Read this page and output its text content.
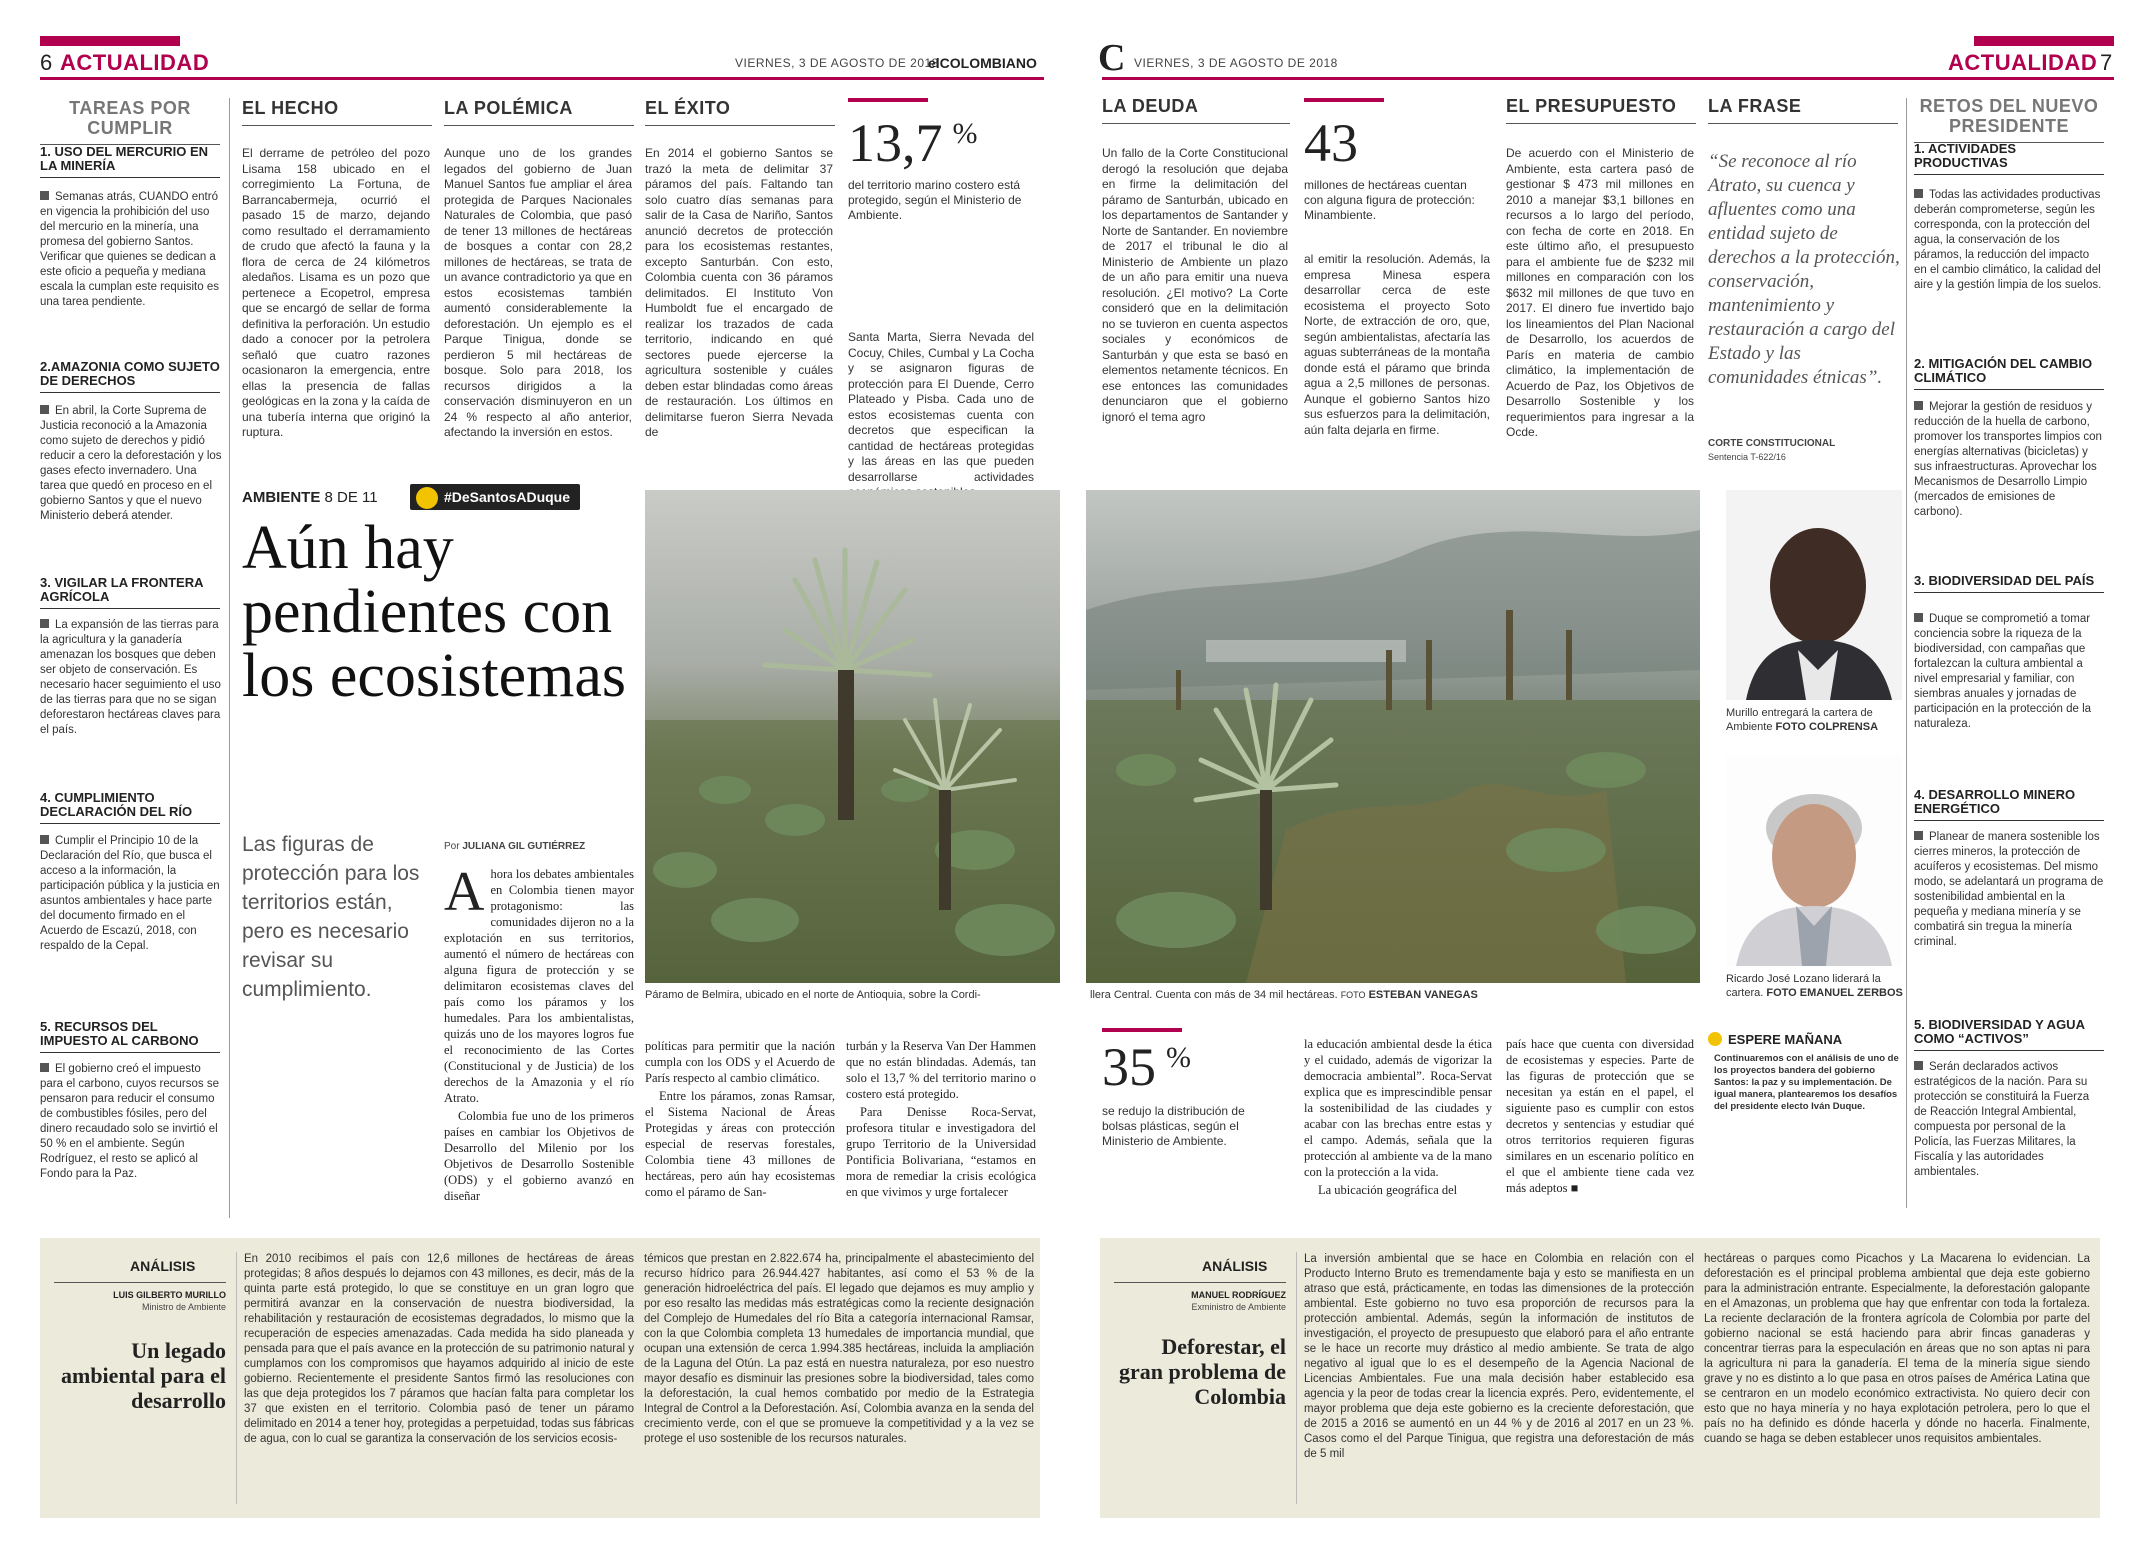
6 ACTUALIDAD	VIERNES, 3 DE AGOSTO DE 2018
elCOLOMBIANO
TAREAS POR CUMPLIR
1. USO DEL MERCURIO EN LA MINERÍA
Semanas atrás, CUANDO entró en vigencia la prohibición del uso del mercurio en la minería, una promesa del gobierno Santos. Verificar que quienes se dedican a este oficio a pequeña y mediana escala la cumplan este requisito es una tarea pendiente.
2.AMAZONIA COMO SUJETO DE DERECHOS
En abril, la Corte Suprema de Justicia reconoció a la Amazonia como sujeto de derechos y pidió reducir a cero la deforestación y los gases efecto invernadero. Una tarea que quedó en proceso en el gobierno Santos y que el nuevo Ministerio deberá atender.
3. VIGILAR LA FRONTERA AGRÍCOLA
La expansión de las tierras para la agricultura y la ganadería amenazan los bosques que deben ser objeto de conservación. Es necesario hacer seguimiento el uso de las tierras para que no se sigan deforestaron hectáreas claves para el país.
4. CUMPLIMIENTO DECLARACIÓN DEL RÍO
Cumplir el Principio 10 de la Declaración del Río, que busca el acceso a la información, la participación pública y la justicia en asuntos ambientales y hace parte del documento firmado en el Acuerdo de Escazú, 2018, con respaldo de la Cepal.
5. RECURSOS DEL IMPUESTO AL CARBONO
El gobierno creó el impuesto para el carbono, cuyos recursos se pensaron para reducir el consumo de combustibles fósiles, pero del dinero recaudado solo se invirtió el 50 % en el ambiente. Según Rodríguez, el resto se aplicó al Fondo para la Paz.
EL HECHO
El derrame de petróleo del pozo Lisama 158 ubicado en el corregimiento La Fortuna, de Barrancabermeja, ocurrió el pasado 15 de marzo, dejando como resultado el derramamiento de crudo que afectó la fauna y la flora de cerca de 24 kilómetros aledaños. Lisama es un pozo que pertenece a Ecopetrol, empresa que se encargó de sellar de forma definitiva la perforación. Un estudio dado a conocer por la petrolera señaló que cuatro razones ocasionaron la emergencia, entre ellas la presencia de fallas geológicas en la zona y la caída de una tubería interna que originó la ruptura.
LA POLÉMICA
Aunque uno de los grandes legados del gobierno de Juan Manuel Santos fue ampliar el área protegida de Parques Nacionales Naturales de Colombia, que pasó de tener 13 millones de hectáreas de bosques a contar con 28,2 millones de hectáreas, se trata de un avance contradictorio ya que en estos ecosistemas también aumentó considerablemente la deforestación. Un ejemplo es el Parque Tinigua, donde se perdieron 5 mil hectáreas de bosque. Solo para 2018, los recursos dirigidos a la conservación disminuyeron en un 24 % respecto al año anterior, afectando la inversión en estos.
EL ÉXITO
En 2014 el gobierno Santos se trazó la meta de delimitar 37 páramos del país. Faltando tan solo cuatro días semanas para salir de la Casa de Nariño, Santos anunció decretos de protección para los ecosistemas restantes, excepto Santurbán. Con esto, Colombia cuenta con 36 páramos delimitados. El Instituto Von Humboldt fue el encargado de realizar los trazados de cada territorio, indicando en qué sectores puede ejercerse la agricultura sostenible y cuáles deben estar blindadas como áreas de restauración. Los últimos en delimitarse fueron Sierra Nevada de
13,7 %
del territorio marino costero está protegido, según el Ministerio de Ambiente.
Santa Marta, Sierra Nevada del Cocuy, Chiles, Cumbal y La Cocha y se asignaron figuras de protección para El Duende, Cerro Plateado y Pisba. Cada uno de estos ecosistemas cuenta con decretos que especifican la cantidad de hectáreas protegidas y las áreas en las que pueden desarrollarse actividades
AMBIENTE 8 DE 11	#DeSantosADuque
Aún hay pendientes con los ecosistemas
Las figuras de protección para los territorios están, pero es necesario revisar su cumplimiento.
Por JULIANA GIL GUTIÉRREZ
Ahora los debates ambientales en Colombia tienen mayor protagonismo: las comunidades dijeron no a la explotación en sus territorios, aumentó el número de hectáreas con alguna figura de protección y se delimitaron ecosistemas claves del país como los páramos y los humedales. Para los ambientalistas, quizás uno de los mayores logros fue el reconocimiento de las Cortes (Constitucional y de Justicia) de los derechos de la Amazonia y el río Atrato.

Colombia fue uno de los primeros países en cambiar los Objetivos de Desarrollo del Milenio por los Objetivos de Desarrollo Sostenible (ODS) y el gobierno avanzó en diseñar

políticas para permitir que la nación cumpla con los ODS y el Acuerdo de París respecto al cambio climático.

Entre los páramos, zonas Ramsar, el Sistema Nacional de Áreas Protegidas y áreas con protección especial de reservas forestales, Colombia tiene 43 millones de hectáreas, pero aún hay ecosistemas como el páramo de San-

turbán y la Reserva Van Der Hammen que no están blindadas. Además, tan solo el 13,7 % del territorio marino o costero está protegido.

Para Denisse Roca-Servat, profesora titular e investigadora del grupo Territorio de la Universidad Pontificia Bolivariana, “estamos en mora de remediar la crisis ecológica en que vivimos y urge fortalecer

Páramo de Belmira, ubicado en el norte de Antioquia, sobre la Cordi-
ANÁLISIS
LUIS GILBERTO MURILLO
Ministro de Ambiente
Un legado ambiental para el desarrollo
En 2010 recibimos el país con 12,6 millones de hectáreas de áreas protegidas; 8 años después lo dejamos con 43 millones, es decir, más de la quinta parte está protegido, lo que se constituye en un gran logro que permitirá avanzar en la conservación de nuestra biodiversidad, la rehabilitación y restauración de ecosistemas degradados, lo mismo que la recuperación de especies amenazadas. Cada medida ha sido planeada y pensada para que el país avance en la protección de su patrimonio natural y cumplamos con los compromisos que hayamos adquirido al inicio de este gobierno. Recientemente el presidente Santos firmó las resoluciones con las que deja protegidos los 7 páramos que hacían falta para completar los 37 que existen en el territorio. Colombia pasó de tener un páramo delimitado en 2014 a tener hoy, protegidas a perpetuidad, todas sus fábricas de agua, con lo cual se garantiza la conservación de los servicios ecosis-
témicos que prestan en 2.822.674 ha, principalmente el abastecimiento del recurso hídrico para 26.944.427 habitantes, así como el 53 % de la generación hidroeléctrica del país. El legado que dejamos es muy amplio y por eso resalto las medidas más estratégicas como la reciente designación del Complejo de Humedales del río Bita a categoría internacional Ramsar, con la que Colombia completa 13 humedales de importancia mundial, que ocupan una extensión de cerca 1.994.385 hectáreas, incluida la ampliación de la Laguna del Otún. La paz está en nuestra naturaleza, por eso nuestro mayor desafío es disminuir las presiones sobre la biodiversidad, tales como la deforestación, la cual hemos combatido por medio de la Estrategia Integral de Control a la Deforestación. Así, Colombia avanza en la senda del crecimiento verde, con el que se promueve la competitividad y a la vez se protege el uso sostenible de los recursos naturales.
C VIERNES, 3 DE AGOSTO DE 2018	ACTUALIDAD 7
LA DEUDA
Un fallo de la Corte Constitucional derogó la resolución que dejaba en firme la delimitación del páramo de Santurbán, ubicado en los departamentos de Santander y Norte de Santander. En noviembre de 2017 el tribunal le dio al Ministerio de Ambiente un plazo de un año para emitir una nueva resolución. ¿El motivo? La Corte consideró que en la delimitación no se tuvieron en cuenta aspectos sociales y económicos de Santurbán y que esta se basó en elementos netamente técnicos. En ese entonces las comunidades denunciaron que el gobierno ignoró el tema agro
43
millones de hectáreas cuentan con alguna figura de protección: Minambiente.
al emitir la resolución. Además, la empresa Minesa espera desarrollar cerca de este ecosistema el proyecto Soto Norte, de extracción de oro, que, según ambientalistas, afectaría las aguas subterráneas de la montaña donde está el páramo que brinda agua a 2,5 millones de personas. Aunque el gobierno Santos hizo sus esfuerzos para la delimitación, aún falta dejarla en firme.
EL PRESUPUESTO
De acuerdo con el Ministerio de Ambiente, esta cartera pasó de gestionar $ 473 mil millones en 2010 a manejar $3,1 billones en recursos a lo largo del período, con fecha de corte en 2018. En este último año, el presupuesto para el ambiente fue de $232 mil millones en comparación con los $632 mil millones de que tuvo en 2017. El dinero fue invertido bajo los lineamientos del Plan Nacional de Desarrollo, los acuerdos de París en materia de cambio climático, la implementación de Acuerdo de Paz, los Objetivos de Desarrollo Sostenible y los requerimientos para ingresar a la Ocde.
LA FRASE
“Se reconoce al río Atrato, su cuenca y afluentes como una entidad sujeto de derechos a la protección, conservación, mantenimiento y restauración a cargo del Estado y las comunidades étnicas”.
CORTE CONSTITUCIONAL
Sentencia T-622/16
RETOS DEL NUEVO PRESIDENTE
1. ACTIVIDADES PRODUCTIVAS
Todas las actividades productivas deberán comprometerse, según les corresponda, con la protección del agua, la conservación de los páramos, la reducción del impacto en el cambio climático, la calidad del aire y la gestión limpia de los suelos.
2. MITIGACIÓN DEL CAMBIO CLIMÁTICO
Mejorar la gestión de residuos y reducción de la huella de carbono, promover los transportes limpios con energías alternativas (bicicletas) y sus infraestructuras. Aprovechar los Mecanismos de Desarrollo Limpio (mercados de emisiones de carbono).
3. BIODIVERSIDAD DEL PAÍS
Duque se comprometió a tomar conciencia sobre la riqueza de la biodiversidad, con campañas que fortalezcan la cultura ambiental a nivel empresarial y familiar, con siembras anuales y jornadas de participación en la protección de la naturaleza.
4. DESARROLLO MINERO ENERGÉTICO
Planear de manera sostenible los cierres mineros, la protección de acuíferos y ecosistemas. Del mismo modo, se adelantará un programa de sostenibilidad ambiental en la pequeña y mediana minería y se combatirá sin tregua la minería criminal.
5. BIODIVERSIDAD Y AGUA COMO “ACTIVOS”
Serán declarados activos estratégicos de la nación. Para su protección se constituirá la Fuerza de Reacción Integral Ambiental, compuesta por personal de la Policía, las Fuerzas Militares, la Fiscalía y las autoridades ambientales.
llera Central. Cuenta con más de 34 mil hectáreas. FOTO ESTEBAN VANEGAS
Murillo entregará la cartera de Ambiente FOTO COLPRENSA
Ricardo José Lozano liderará la cartera. FOTO EMANUEL ZERBOS
35 %
se redujo la distribución de bolsas plásticas, según el Ministerio de Ambiente.

la educación ambiental desde la ética y el cuidado, además de vigorizar la democracia ambiental”. Roca-Servat explica que es imprescindible pensar la sostenibilidad de las ciudades y acabar con las brechas entre estas y el campo. Además, señala que la protección al ambiente va de la mano con la protección a la vida.

La ubicación geográfica del

país hace que cuenta con diversidad de ecosistemas y especies. Parte de las figuras de protección que se necesitan ya están en el papel, el siguiente paso es cumplir con estos decretos y sentencias y estudiar qué otros territorios requieren figuras similares en un escenario político en el que el ambiente tiene cada vez más adeptos ■
ESPERE MAÑANA
Continuaremos con el análisis de uno de los proyectos bandera del gobierno Santos: la paz y su implementación. De igual manera, plantearemos los desafíos del presidente electo Iván Duque.
ANÁLISIS
MANUEL RODRÍGUEZ
Exministro de Ambiente
Deforestar, el gran problema de Colombia
La inversión ambiental que se hace en Colombia en relación con el Producto Interno Bruto es tremendamente baja y esto se manifiesta en un atraso que está, prácticamente, en todas las dimensiones de la protección ambiental. Este gobierno no tuvo esa proporción de recursos para la protección ambiental. Además, según la información de institutos de investigación, el proyecto de presupuesto que elaboró para el año entrante se le hace un recorte muy drástico al medio ambiente. Se trata de algo negativo al igual que lo es el desempeño de la Agencia Nacional de Licencias Ambientales. Fue una mala decisión haber establecido esa agencia y la peor de todas crear la licencia exprés. Pero, evidentemente, el mayor problema que deja este gobierno es la creciente deforestación, que de 2015 a 2016 se aumentó en un 44 % y de 2016 al 2017 en un 23 %. Casos como el del Parque Tinigua, que registra una deforestación de más de 5 mil
hectáreas o parques como Picachos y La Macarena lo evidencian. La deforestación es el principal problema ambiental que deja este gobierno para la administración entrante. Especialmente, la deforestación galopante en el Amazonas, un problema que hay que enfrentar con toda la fortaleza. La reciente declaración de la frontera agrícola de Colombia por parte del gobierno nacional se está haciendo para abrir fincas ganaderas y concentrar tierras para la especulación en áreas que no son aptas ni para la agricultura ni para la ganadería. El tema de la minería sigue siendo grave y no es distinto a lo que pasa en otros países de América Latina que se centraron en un modelo económico extractivista. No quiero decir con esto que no haya minería y no haya explotación petrolera, pero lo que el país no ha definido es dónde hacerla y dónde no hacerla. Finalmente, cuando se haga se deben establecer unos requisitos ambientales.
